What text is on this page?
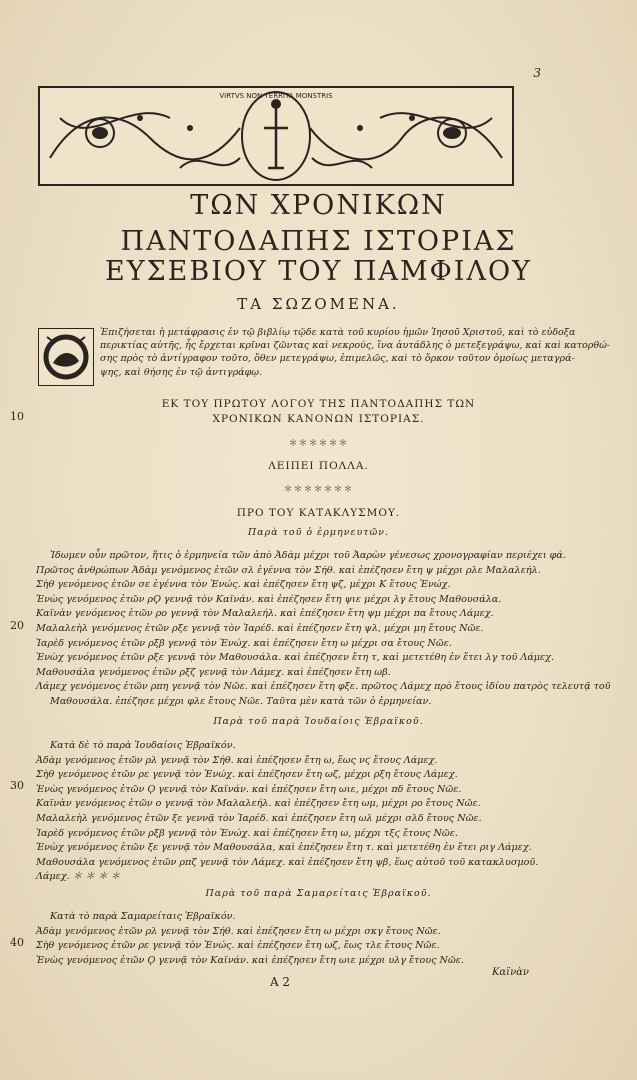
3
VIRTVS NON TERRITA MONSTRIS
ΤΩΝ ΧΡΟΝΙΚΩΝ
ΠΑΝΤΟΔΑΠΗΣ ΙΣΤΟΡΙΑΣ
ΕΥΣΕΒΙΟΥ ΤΟΥ ΠΑΜΦΙΛΟΥ
ΤΑ ΣΩΖΟΜΕΝΑ.
Ἐπιζήσεται ἡ μετάφρασις ἐν τῷ βιβλίῳ τῷδε κατὰ τοῦ κυρίου ἡμῶν Ἰησοῦ Χριστοῦ, καὶ τὸ εὐδοξα
περικτίας αὐτῆς, ἧς ἔρχεται κρῖναι ζῶντας καὶ νεκρούς, ἵνα ἀυτάδλης ὁ μετεξεγράψω, καὶ καὶ κατορθώ-
σης πρὸς τὸ ἀντίγραφον τοῦτο, ὅθεν μετεγράψω, ἐπιμελῶς, καὶ τὸ ὅρκον τοῦτον ὁμοίως μεταγρά-
ψης, καὶ θήσης ἐν τῷ ἀντιγράφῳ.
ΕΚ ΤΟΥ ΠΡΩΤΟΥ ΛΟΓΟΥ ΤΗΣ ΠΑΝΤΟΔΑΠΗΣ ΤΩΝ
ΧΡΟΝΙΚΩΝ ΚΑΝΟΝΩΝ ΙΣΤΟΡΙΑΣ.
10
＊＊＊＊＊＊
ΛΕΙΠΕΙ ΠΟΛΛΑ.
＊＊＊＊＊＊＊
ΠΡΟ ΤΟΥ ΚΑΤΑΚΛΥΣΜΟΥ.
Παρὰ τοῦ ὁ ἑρμηνευτῶν.
Ἰδωμεν οὖν πρῶτον, ἥτις ὁ ἑρμηνεία τῶν ἀπὸ Ἀδὰμ μέχρι τοῦ Ἀαρὼν γένεσως χρονογραφίαν περιέχει φά.
Πρῶτος ἀνθρώπων Ἀδὰμ γενόμενος ἐτῶν σλ ἐγέννα τὸν Σήθ. καὶ ἐπέζησεν ἔτη ψ μέχρι ρλε Μαλαλεήλ.
Σὴθ γενόμενος ἐτῶν σε ἐγέννα τὸν Ἐνώς. καὶ ἐπέζησεν ἔτη ψζ, μέχρι Κ ἔτους Ἐνώχ.
Ἐνὼς γενόμενος ἐτῶν ρϘ γεννᾷ τὸν Καϊνάν. καὶ ἐπέζησεν ἔτη ψιε μέχρι λγ ἔτους Μαθουσάλα.
Καϊνὰν γενόμενος ἐτῶν ρο γεννᾷ τὸν Μαλαλεήλ. καὶ ἐπέζησεν ἔτη ψμ μέχρι πα ἔτους Λάμεχ.
Μαλαλεὴλ γενόμενος ἐτῶν ρξε γεννᾷ τὸν Ἰαρέδ. καὶ ἐπέζησεν ἔτη ψλ, μέχρι μη ἔτους Νῶε.
Ἰαρὲδ γενόμενος ἐτῶν ρξβ γεννᾷ τὸν Ἐνώχ. καὶ ἐπέζησεν ἔτη ω μέχρι σα ἔτους Νῶε.
Ἐνὼχ γενόμενος ἐτῶν ρξε γεννᾷ τὸν Μαθουσάλα. καὶ ἐπέζησεν ἔτη τ, καὶ μετετέθη ἐν ἔτει λγ τοῦ Λάμεχ.
Μαθουσάλα γενόμενος ἐτῶν ρξζ γεννᾷ τὸν Λάμεχ. καὶ ἐπέζησεν ἔτη ωβ.
Λάμεχ γενόμενος ἐτῶν ρπη γεννᾷ τὸν Νῶε. καὶ ἐπέζησεν ἔτη φξε. πρῶτος Λάμεχ πρὸ ἔτους ἰδίου πατρὸς τελευτᾷ τοῦ
Μαθουσάλα. ἐπέζησε μέχρι φλε ἔτους Νῶε. Ταῦτα μὲν κατὰ τῶν ὁ ἑρμηνείαν.
20
Παρὰ τοῦ παρὰ Ἰουδαίοις Ἑβραϊκοῦ.
Κατὰ δὲ τὸ παρὰ Ἰουδαίοις Ἑβραϊκόν.
Ἀδὰμ γενόμενος ἐτῶν ρλ γεννᾷ τὸν Σήθ. καὶ ἐπέζησεν ἔτη ω, ἕως νϛ ἔτους Λάμεχ.
Σὴθ γενόμενος ἐτῶν ρε γεννᾷ τὸν Ἐνώχ. καὶ ἐπέζησεν ἔτη ωζ, μέχρι ρξη ἔτους Λάμεχ.
Ἐνὼς γενόμενος ἐτῶν Ϙ γεννᾷ τὸν Καϊνάν. καὶ ἐπέζησεν ἔτη ωιε, μέχρι πδ ἔτους Νῶε.
Καϊνὰν γενόμενος ἐτῶν ο γεννᾷ τὸν Μαλαλεήλ. καὶ ἐπέζησεν ἔτη ωμ, μέχρι ρο ἔτους Νῶε.
Μαλαλεὴλ γενόμενος ἐτῶν ξε γεννᾷ τὸν Ἰαρέδ. καὶ ἐπέζησεν ἔτη ωλ μέχρι σλδ ἔτους Νῶε.
Ἰαρὲδ γενόμενος ἐτῶν ρξβ γεννᾷ τὸν Ἐνώχ. καὶ ἐπέζησεν ἔτη ω, μέχρι τξϛ ἔτους Νῶε.
Ἐνὼχ γενόμενος ἐτῶν ξε γεννᾷ τὸν Μαθουσάλα, καὶ ἐπέζησεν ἔτη τ. καὶ μετετέθη ἐν ἔτει ριγ Λάμεχ.
Μαθουσάλα γενόμενος ἐτῶν ρπζ γεννᾷ τὸν Λάμεχ. καὶ ἐπέζησεν ἔτη ψβ, ἕως αὐτοῦ τοῦ κατακλυσμοῦ.
Λάμεχ. ＊ ＊ ＊ ＊
30
Παρὰ τοῦ παρὰ Σαμαρείταις Ἑβραϊκοῦ.
Κατὰ τὸ παρὰ Σαμαρείταις Ἑβραϊκόν.
Ἀδὰμ γενόμενος ἐτῶν ρλ γεννᾷ τὸν Σήθ. καὶ ἐπέζησεν ἔτη ω μέχρι σκγ ἔτους Νῶε.
Σὴθ γενόμενος ἐτῶν ρε γεννᾷ τὸν Ἐνώς. καὶ ἐπέζησεν ἔτη ωζ, ἕως τλε ἔτους Νῶε.
Ἐνὼς γενόμενος ἐτῶν Ϙ γεννᾷ τὸν Καϊνάν. καὶ ἐπέζησεν ἔτη ωιε μέχρι υλγ ἔτους Νῶε.
40
Καϊνὰν
Α 2
